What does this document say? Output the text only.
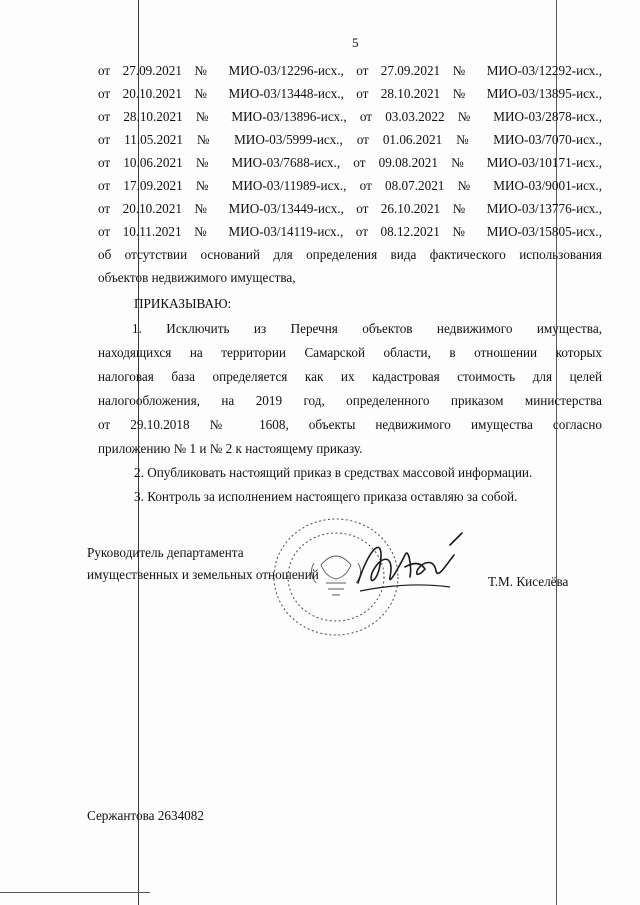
5
от 27.09.2021 № МИО-03/12296-исх., от 27.09.2021 № МИО-03/12292-исх.,
от 20.10.2021 № МИО-03/13448-исх., от 28.10.2021 № МИО-03/13895-исх.,
от 28.10.2021 № МИО-03/13896-исх., от 03.03.2022 № МИО-03/2878-исх.,
от 11.05.2021 № МИО-03/5999-исх., от 01.06.2021 № МИО-03/7070-исх.,
от 10.06.2021 № МИО-03/7688-исх., от 09.08.2021 № МИО-03/10171-исх.,
от 17.09.2021 № МИО-03/11989-исх., от 08.07.2021 № МИО-03/9001-исх.,
от 20.10.2021 № МИО-03/13449-исх., от 26.10.2021 № МИО-03/13776-исх.,
от 10.11.2021 № МИО-03/14119-исх., от 08.12.2021 № МИО-03/15805-исх.,
об отсутствии оснований для определения вида фактического использования
объектов недвижимого имущества,
ПРИКАЗЫВАЮ:
1. Исключить из Перечня объектов недвижимого имущества,
находящихся на территории Самарской области, в отношении которых
налоговая база определяется как их кадастровая стоимость для целей
налогообложения, на 2019 год, определенного приказом министерства
от 29.10.2018 № 1608, объекты недвижимого имущества согласно
приложению № 1 и № 2 к настоящему приказу.
2. Опубликовать настоящий приказ в средствах массовой информации.
3. Контроль за исполнением настоящего приказа оставляю за собой.
Руководитель департамента
имущественных и земельных отношений	Т.М. Киселёва
Сержантова 2634082
